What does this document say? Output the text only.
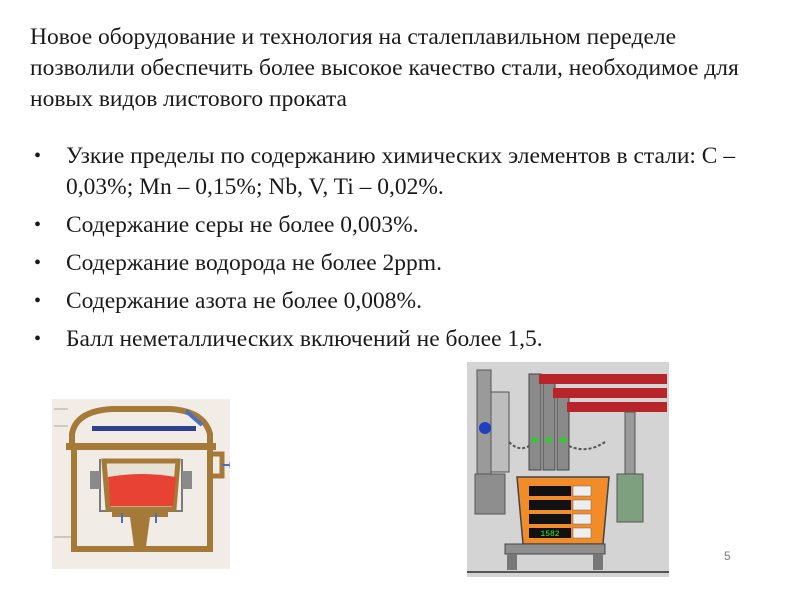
Новое оборудование и технология на сталеплавильном переделе позволили обеспечить более высокое качество стали, необходимое для новых видов листового проката
• Узкие пределы по содержанию химических элементов в стали: С – 0,03%; Mn – 0,15%; Nb, V, Ti – 0,02%.
• Содержание серы не более 0,003%.
• Содержание водорода не более 2ppm.
• Содержание азота не более 0,008%.
• Балл неметаллических включений не более 1,5.
1582
5
